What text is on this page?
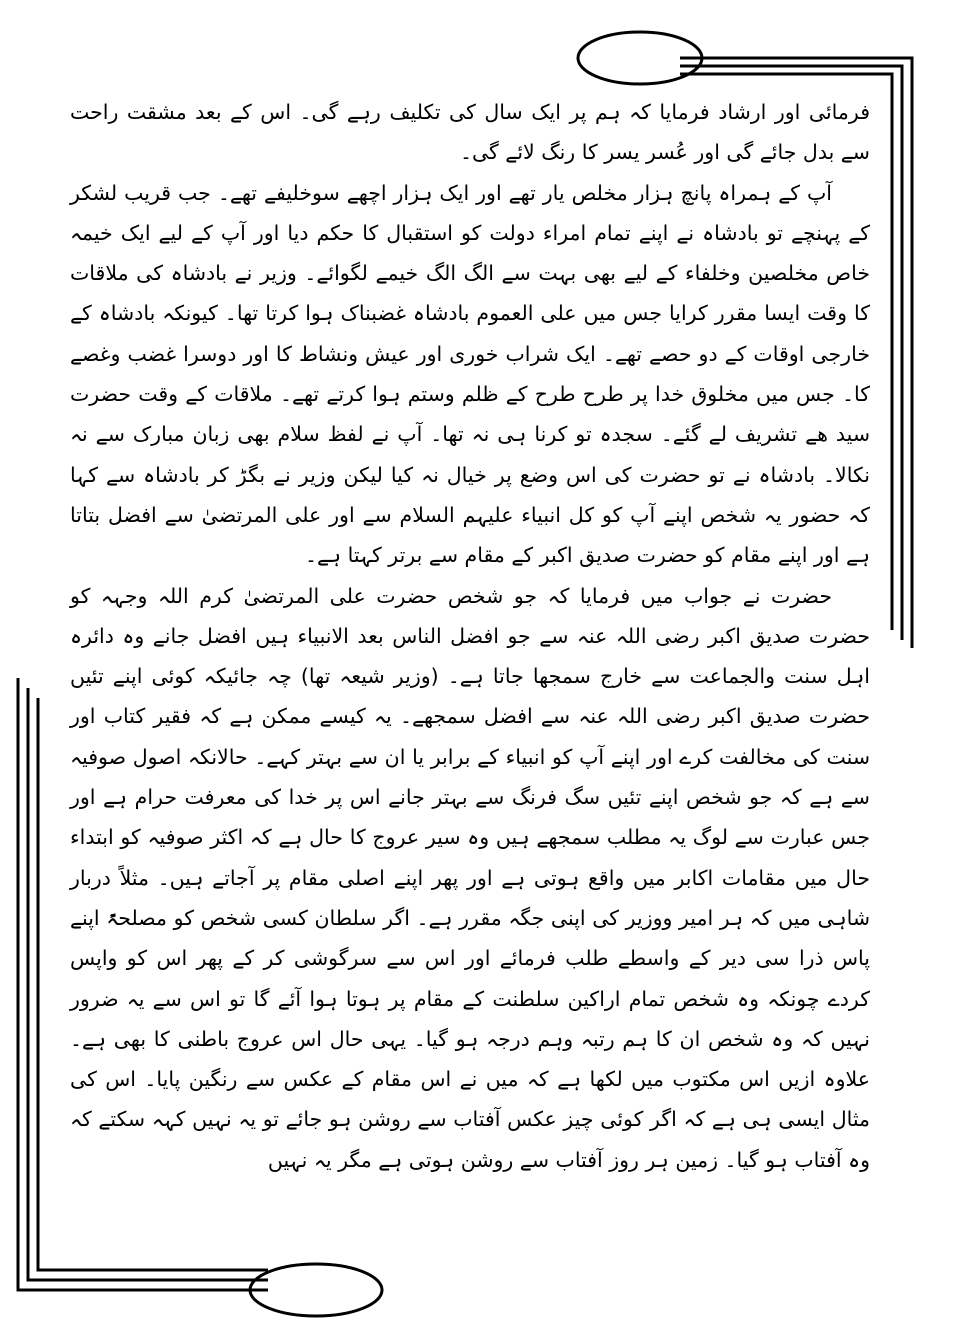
فرمائی اور ارشاد فرمایا کہ ہم پر ایک سال کی تکلیف رہے گی۔ اس کے بعد مشقت راحت سے بدل جائے گی اور عُسر یسر کا رنگ لائے گی۔

آپ کے ہمراہ پانچ ہزار مخلص یار تھے اور ایک ہزار اچھے سوخلیفے تھے۔ جب قریب لشکر کے پہنچے تو بادشاہ نے اپنے تمام امراء دولت کو استقبال کا حکم دیا اور آپ کے لیے ایک خیمہ خاص مخلصین وخلفاء کے لیے بھی بہت سے الگ الگ خیمے لگوائے۔ وزیر نے بادشاہ کی ملاقات کا وقت ایسا مقرر کرایا جس میں علی العموم بادشاہ غضبناک ہوا کرتا تھا۔ کیونکہ بادشاہ کے خارجی اوقات کے دو حصے تھے۔ ایک شراب خوری اور عیش ونشاط کا اور دوسرا غضب وغصے کا۔ جس میں مخلوق خدا پر طرح طرح کے ظلم وستم ہوا کرتے تھے۔ ملاقات کے وقت حضرت سید ھے تشریف لے گئے۔ سجدہ تو کرنا ہی نہ تھا۔ آپ نے لفظ سلام بھی زبان مبارک سے نہ نکالا۔ بادشاہ نے تو حضرت کی اس وضع پر خیال نہ کیا لیکن وزیر نے بگڑ کر بادشاہ سے کہا کہ حضور یہ شخص اپنے آپ کو کل انبیاء علیہم السلام سے اور علی المرتضیٰ سے افضل بتاتا ہے اور اپنے مقام کو حضرت صدیق اکبر کے مقام سے برتر کہتا ہے۔

حضرت نے جواب میں فرمایا کہ جو شخص حضرت علی المرتضیٰ کرم اللہ وجہہ کو حضرت صدیق اکبر رضی اللہ عنہ سے جو افضل الناس بعد الانبیاء ہیں افضل جانے وہ دائرہ اہل سنت والجماعت سے خارج سمجھا جاتا ہے۔ (وزیر شیعہ تھا) چہ جائیکہ کوئی اپنے تئیں حضرت صدیق اکبر رضی اللہ عنہ سے افضل سمجھے۔ یہ کیسے ممکن ہے کہ فقیر کتاب اور سنت کی مخالفت کرے اور اپنے آپ کو انبیاء کے برابر یا ان سے بہتر کہے۔ حالانکہ اصول صوفیہ سے ہے کہ جو شخص اپنے تئیں سگ فرنگ سے بہتر جانے اس پر خدا کی معرفت حرام ہے اور جس عبارت سے لوگ یہ مطلب سمجھے ہیں وہ سیر عروج کا حال ہے کہ اکثر صوفیہ کو ابتداء حال میں مقامات اکابر میں واقع ہوتی ہے اور پھر اپنے اصلی مقام پر آجاتے ہیں۔ مثلاً دربار شاہی میں کہ ہر امیر ووزیر کی اپنی جگہ مقرر ہے۔ اگر سلطان کسی شخص کو مصلحۃً اپنے پاس ذرا سی دیر کے واسطے طلب فرمائے اور اس سے سرگوشی کر کے پھر اس کو واپس کردے چونکہ وہ شخص تمام اراکین سلطنت کے مقام پر ہوتا ہوا آئے گا تو اس سے یہ ضرور نہیں کہ وہ شخص ان کا ہم رتبہ وہم درجہ ہو گیا۔ یہی حال اس عروج باطنی کا بھی ہے۔ علاوہ ازیں اس مکتوب میں لکھا ہے کہ میں نے اس مقام کے عکس سے رنگین پایا۔ اس کی مثال ایسی ہی ہے کہ اگر کوئی چیز عکس آفتاب سے روشن ہو جائے تو یہ نہیں کہہ سکتے کہ وہ آفتاب ہو گیا۔ زمین ہر روز آفتاب سے روشن ہوتی ہے مگر یہ نہیں
